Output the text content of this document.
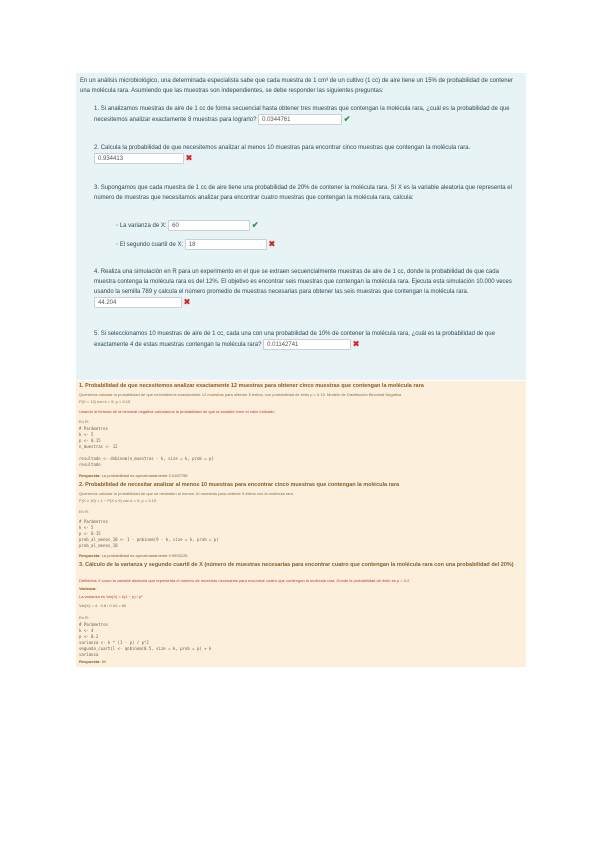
En un análisis microbiológico, una determinada especialista sabe que cada muestra de 1 cm³ de un cultivo (1 cc) de aire tiene un 15% de probabilidad de contener una molécula rara. Asumiendo que las muestras son independientes, se debe responder las siguientes preguntas:

1. Si analizamos muestras de aire de 1 cc de forma secuencial hasta obtener tres muestras que contengan la molécula rara, ¿cuál es la probabilidad de que necesitemos analizar exactamente 8 muestras para lograrlo? 0.0344761	✔
2. Calcula la probabilidad de que necesitemos analizar al menos 10 muestras para encontrar cinco muestras que contengan la molécula rara. 0.934413	✖
3. Supongamos que cada muestra de 1 cc de aire tiene una probabilidad de 20% de contener la molécula rara. Sí X es la variable aleatoria que representa el número de muestras que necesitamos analizar para encontrar cuatro muestras que contengan la molécula rara, calcula:
◦ La varianza de X: 60	✔
◦ El segundo cuartil de X: 18	✖
4. Realiza una simulación en R para un experimento en el que se extraen secuencialmente muestras de aire de 1 cc, donde la probabilidad de que cada muestra contenga la molécula rara es del 12%. El objetivo es encontrar seis muestras que contengan la molécula rara. Ejecuta esta simulación 10.000 veces usando la semilla 789 y calcula el número promedio de muestras necesarias para obtener las seis muestras que contengan la molécula rara. 44.204	✖
5. Si seleccionamos 10 muestras de aire de 1 cc, cada una con una probabilidad de 10% de contener la molécula rara, ¿cuál es la probabilidad de que exactamente 4 de estas muestras contengan la molécula rara? 0.01142741	✖
1. Probabilidad de que necesitemos analizar exactamente 12 muestras para obtener cinco muestras que contengan la molécula rara
Queremos calcular la probabilidad de que necesitemos exactamente 12 muestras para obtener 5 éxitos, con probabilidad de éxito p = 0.15. Modelo de Distribución Binomial Negativa
P(X = 12) con k = 5, p = 0.15
Usando la fórmula de la binomial negativa calculamos la probabilidad de que la variable tome el valor indicado
En R:
# Parámetros
k <- 5
p <- 0.15
n_muestras <- 12

resultado <- dnbinom(n_muestras - k, size = k, prob = p)
resultado
Respuesta: La probabilidad es aproximadamente 0.0187755
2. Probabilidad de necesitar analizar al menos 10 muestras para encontrar cinco muestras que contengan la molécula rara
Queremos calcular la probabilidad de que se necesiten al menos 10 muestras para obtener 5 éxitos con la molécula rara.
P(X ≥ 10) = 1 − P(X ≤ 9) con k = 5, p = 0.15
En R:
# Parámetros
k <- 5
p <- 0.15
prob_al_menos_10 <- 1 - pnbinom(9 - k, size = k, prob = p)
prob_al_menos_10
Respuesta: La probabilidad es aproximadamente 0.9933125
3. Cálculo de la varianza y segundo cuartil de X (número de muestras necesarias para encontrar cuatro que contengan la molécula rara con una probabilidad del 20%)
Definimos X como la variable aleatoria que representa el número de muestras necesarias para encontrar cuatro que contengan la molécula rara. Donde la probabilidad de éxito es p = 0.2
Varianza:
La varianza es Var(X) = k(1 − p) / p²
Var(X) = 4 · 0.8 / 0.04 = 80
En R:
# Parámetros
k <- 4
p <- 0.2
varianza <- k * (1 - p) / p^2
segundo_cuartil <- qnbinom(0.5, size = k, prob = p) + k
varianza
Respuesta: 80
